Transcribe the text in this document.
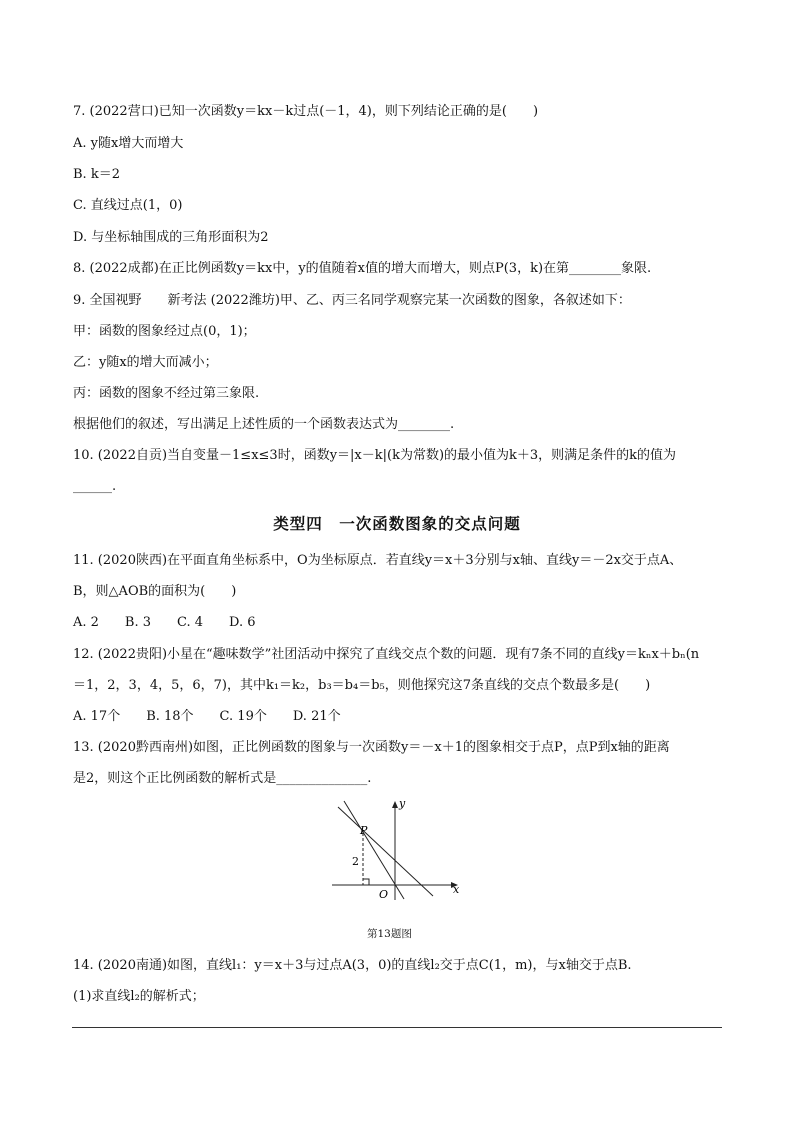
7. (2022营口)已知一次函数y＝kx－k过点(－1，4)，则下列结论正确的是(　　)
A. y随x增大而增大
B. k＝2
C. 直线过点(1，0)
D. 与坐标轴围成的三角形面积为2
8. (2022成都)在正比例函数y＝kx中，y的值随着x值的增大而增大，则点P(3，k)在第________象限.
9. 全国视野　　新考法 (2022潍坊)甲、乙、丙三名同学观察完某一次函数的图象，各叙述如下：
甲：函数的图象经过点(0，1)；
乙：y随x的增大而减小；
丙：函数的图象不经过第三象限.
根据他们的叙述，写出满足上述性质的一个函数表达式为________.
10. (2022自贡)当自变量－1≤x≤3时，函数y＝|x－k|(k为常数)的最小值为k＋3，则满足条件的k的值为
______.
类型四　一次函数图象的交点问题
11. (2020陕西)在平面直角坐标系中，O为坐标原点．若直线y＝x＋3分别与x轴、直线y＝－2x交于点A、
B，则△AOB的面积为(　　)
A. 2　　B. 3　　C. 4　　D. 6
12. (2022贵阳)小星在“趣味数学”社团活动中探究了直线交点个数的问题．现有7条不同的直线y＝kₙx＋bₙ(n
＝1，2，3，4，5，6，7)，其中k₁＝k₂，b₃＝b₄＝b₅，则他探究这7条直线的交点个数最多是(　　)
A. 17个　　B. 18个　　C. 19个　　D. 21个
13. (2020黔西南州)如图，正比例函数的图象与一次函数y＝－x＋1的图象相交于点P，点P到x轴的距离
是2，则这个正比例函数的解析式是______________.
y
x
P
O
2
第13题图
14. (2020南通)如图，直线l₁：y＝x＋3与过点A(3，0)的直线l₂交于点C(1，m)，与x轴交于点B.
(1)求直线l₂的解析式；
